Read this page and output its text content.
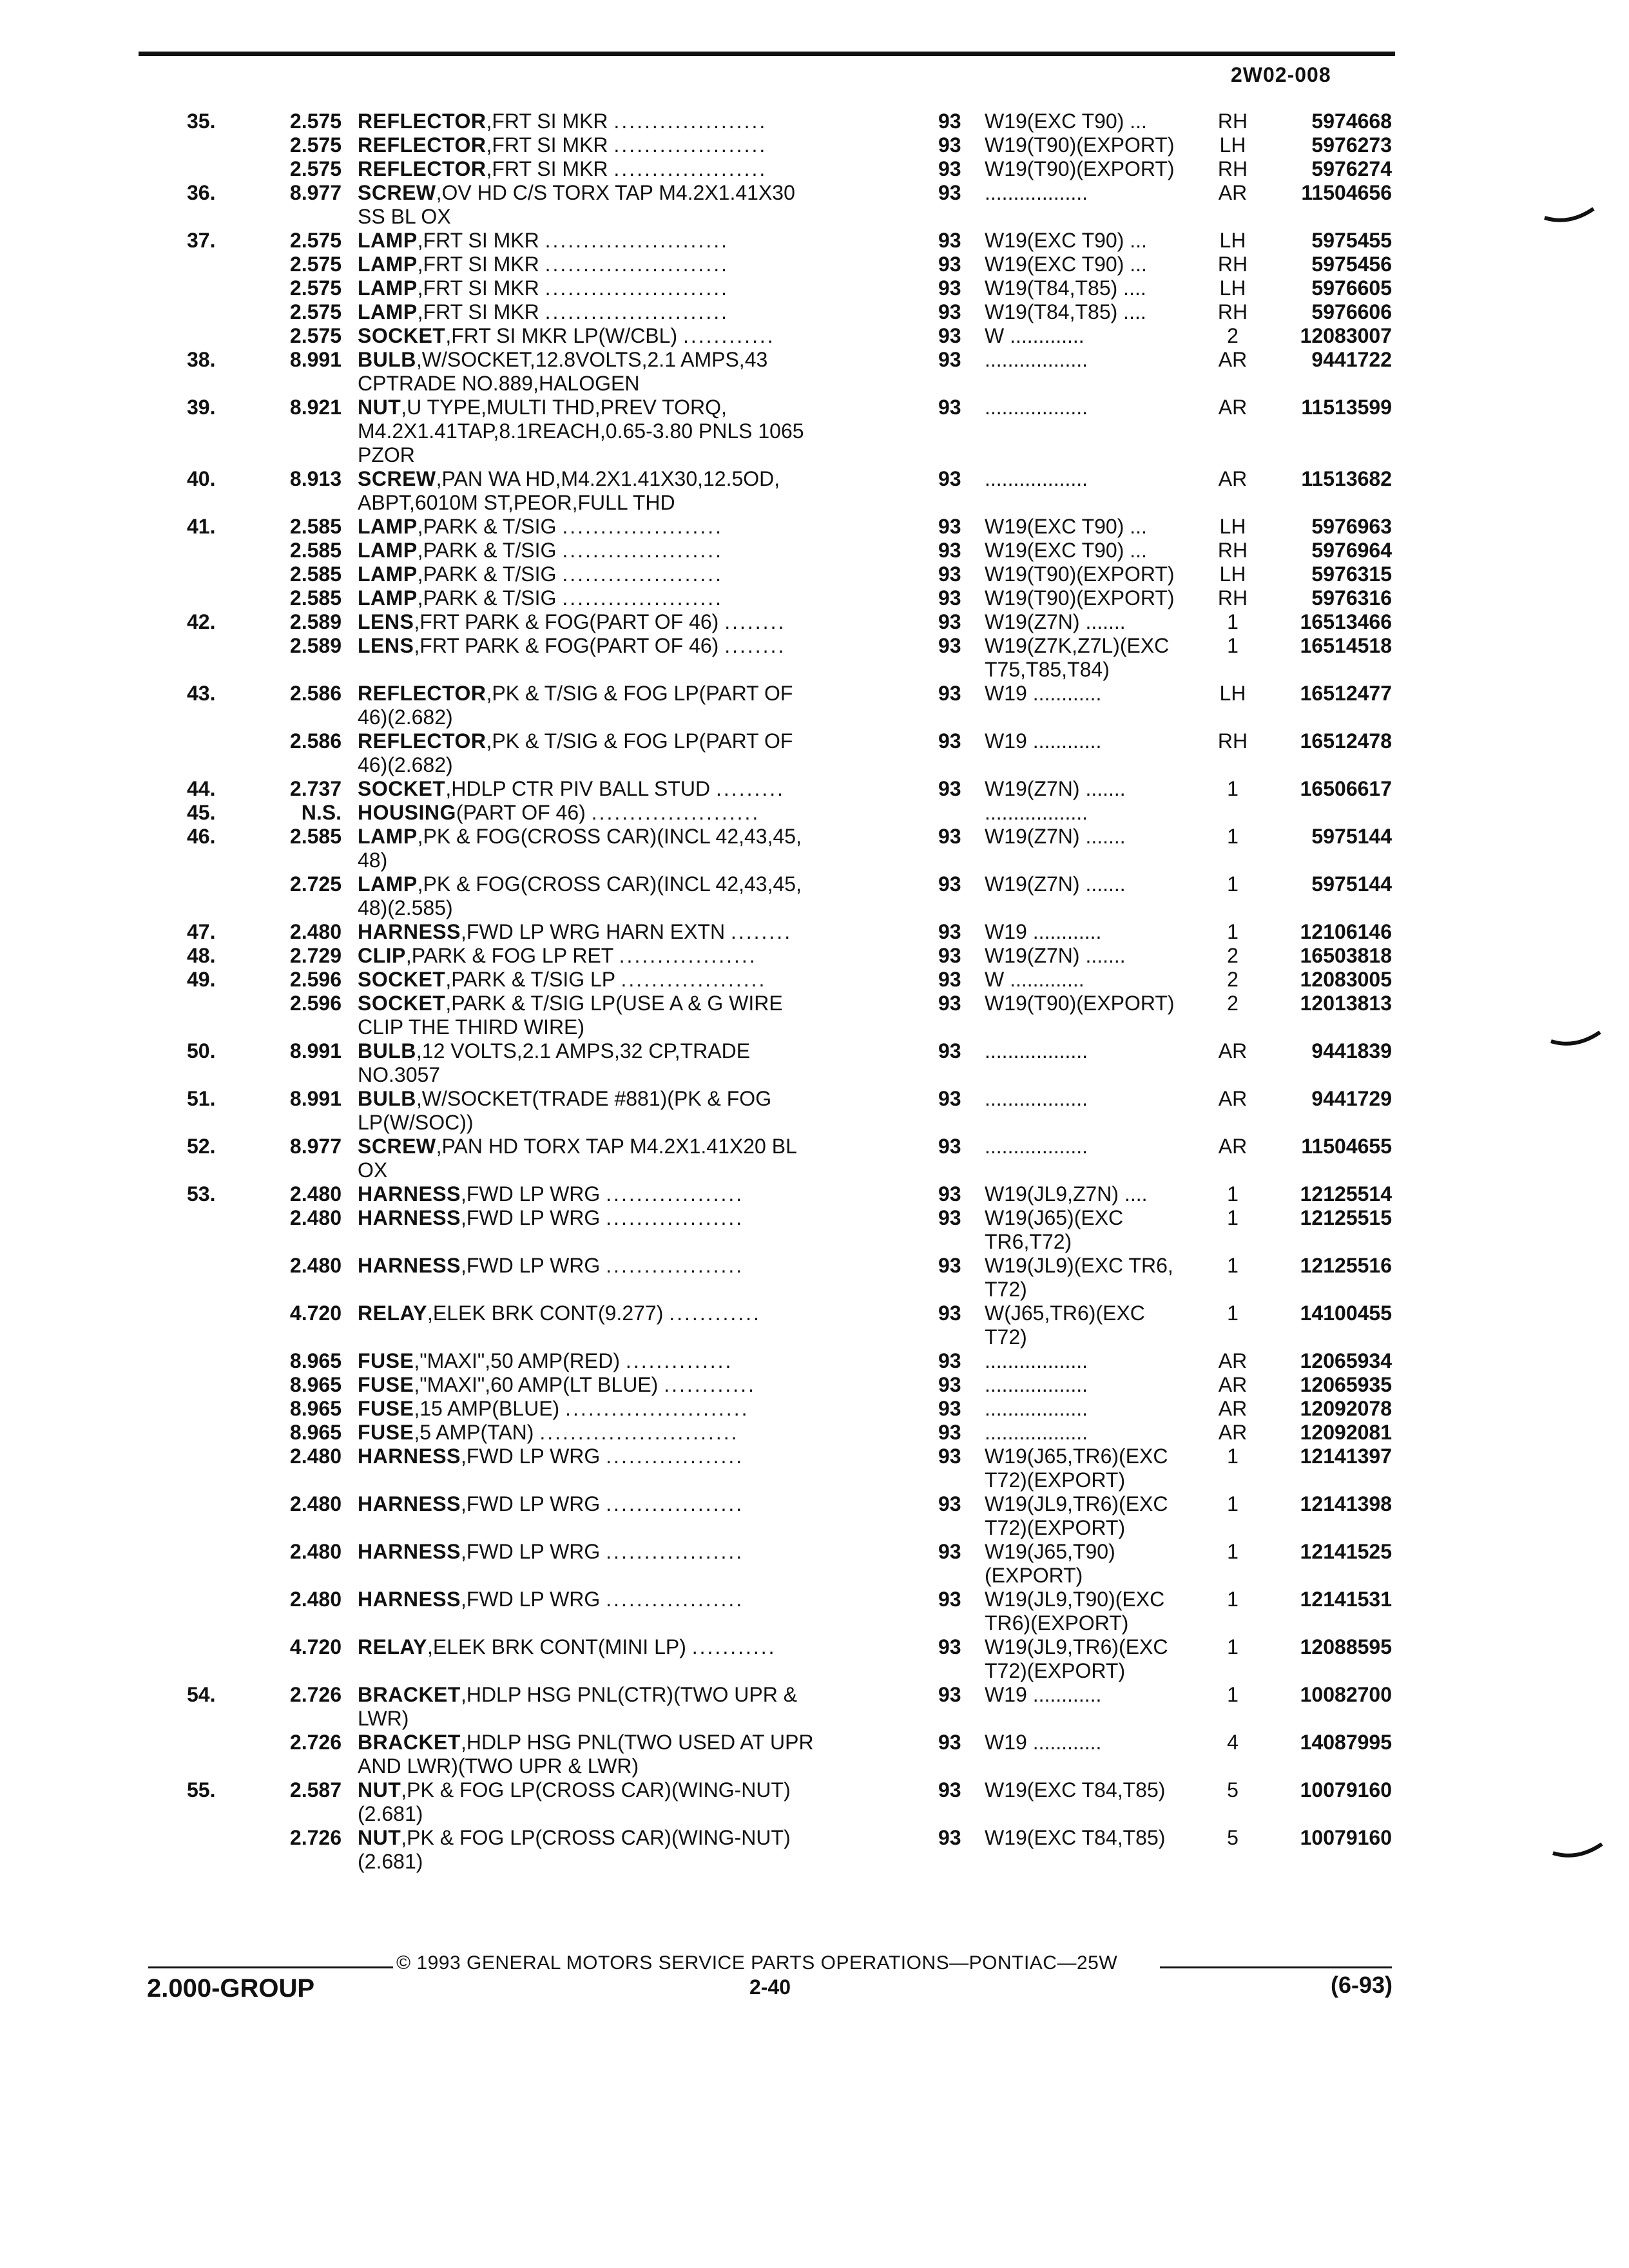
2W02-008
35.	2.575 REFLECTOR,FRT SI MKR ....................	93 W19(EXC T90) ...	RH	5974668
2.575 REFLECTOR,FRT SI MKR ....................	93 W19(T90)(EXPORT)	LH	5976273
2.575 REFLECTOR,FRT SI MKR ....................	93 W19(T90)(EXPORT)	RH	5976274
36.	8.977 SCREW,OV HD C/S TORX TAP M4.2X1.41X30	93 ..................	AR	11504656
SS BL OX
37.	2.575 LAMP,FRT SI MKR ........................	93 W19(EXC T90) ...	LH	5975455
2.575 LAMP,FRT SI MKR ........................	93 W19(EXC T90) ...	RH	5975456
2.575 LAMP,FRT SI MKR ........................	93 W19(T84,T85) ....	LH	5976605
2.575 LAMP,FRT SI MKR ........................	93 W19(T84,T85) ....	RH	5976606
2.575 SOCKET,FRT SI MKR LP(W/CBL) ............	93 W .............	2	12083007
38.	8.991 BULB,W/SOCKET,12.8VOLTS,2.1 AMPS,43	93 ..................	AR	9441722
CPTRADE NO.889,HALOGEN
39.	8.921 NUT,U TYPE,MULTI THD,PREV TORQ,	93 ..................	AR	11513599
M4.2X1.41TAP,8.1REACH,0.65-3.80 PNLS 1065
PZOR
40.	8.913 SCREW,PAN WA HD,M4.2X1.41X30,12.5OD,	93 ..................	AR	11513682
ABPT,6010M ST,PEOR,FULL THD
41.	2.585 LAMP,PARK & T/SIG .....................	93 W19(EXC T90) ...	LH	5976963
2.585 LAMP,PARK & T/SIG .....................	93 W19(EXC T90) ...	RH	5976964
2.585 LAMP,PARK & T/SIG .....................	93 W19(T90)(EXPORT)	LH	5976315
2.585 LAMP,PARK & T/SIG .....................	93 W19(T90)(EXPORT)	RH	5976316
42.	2.589 LENS,FRT PARK & FOG(PART OF 46) ........	93 W19(Z7N) .......	1	16513466
2.589 LENS,FRT PARK & FOG(PART OF 46) ........	93 W19(Z7K,Z7L)(EXC	1	16514518
T75,T85,T84)
43.	2.586 REFLECTOR,PK & T/SIG & FOG LP(PART OF	93 W19 ............	LH	16512477
46)(2.682)
2.586 REFLECTOR,PK & T/SIG & FOG LP(PART OF	93 W19 ............	RH	16512478
46)(2.682)
44.	2.737 SOCKET,HDLP CTR PIV BALL STUD .........	93 W19(Z7N) .......	1	16506617
45.	N.S. HOUSING(PART OF 46) ......................	..................
46.	2.585 LAMP,PK & FOG(CROSS CAR)(INCL 42,43,45,	93 W19(Z7N) .......	1	5975144
48)
2.725 LAMP,PK & FOG(CROSS CAR)(INCL 42,43,45,	93 W19(Z7N) .......	1	5975144
48)(2.585)
47.	2.480 HARNESS,FWD LP WRG HARN EXTN ........	93 W19 ............	1	12106146
48.	2.729 CLIP,PARK & FOG LP RET ..................	93 W19(Z7N) .......	2	16503818
49.	2.596 SOCKET,PARK & T/SIG LP ...................	93 W .............	2	12083005
2.596 SOCKET,PARK & T/SIG LP(USE A & G WIRE	93 W19(T90)(EXPORT)	2	12013813
CLIP THE THIRD WIRE)
50.	8.991 BULB,12 VOLTS,2.1 AMPS,32 CP,TRADE	93 ..................	AR	9441839
NO.3057
51.	8.991 BULB,W/SOCKET(TRADE #881)(PK & FOG	93 ..................	AR	9441729
LP(W/SOC))
52.	8.977 SCREW,PAN HD TORX TAP M4.2X1.41X20 BL	93 ..................	AR	11504655
OX
53.	2.480 HARNESS,FWD LP WRG ..................	93 W19(JL9,Z7N) ....	1	12125514
2.480 HARNESS,FWD LP WRG ..................	93 W19(J65)(EXC	1	12125515
TR6,T72)
2.480 HARNESS,FWD LP WRG ..................	93 W19(JL9)(EXC TR6,	1	12125516
T72)
4.720 RELAY,ELEK BRK CONT(9.277) ............	93 W(J65,TR6)(EXC	1	14100455
T72)
8.965 FUSE,"MAXI",50 AMP(RED) ..............	93 ..................	AR	12065934
8.965 FUSE,"MAXI",60 AMP(LT BLUE) ............	93 ..................	AR	12065935
8.965 FUSE,15 AMP(BLUE) ........................	93 ..................	AR	12092078
8.965 FUSE,5 AMP(TAN) ..........................	93 ..................	AR	12092081
2.480 HARNESS,FWD LP WRG ..................	93 W19(J65,TR6)(EXC	1	12141397
T72)(EXPORT)
2.480 HARNESS,FWD LP WRG ..................	93 W19(JL9,TR6)(EXC	1	12141398
T72)(EXPORT)
2.480 HARNESS,FWD LP WRG ..................	93 W19(J65,T90)	1	12141525
(EXPORT)
2.480 HARNESS,FWD LP WRG ..................	93 W19(JL9,T90)(EXC	1	12141531
TR6)(EXPORT)
4.720 RELAY,ELEK BRK CONT(MINI LP) ...........	93 W19(JL9,TR6)(EXC	1	12088595
T72)(EXPORT)
54.	2.726 BRACKET,HDLP HSG PNL(CTR)(TWO UPR &	93 W19 ............	1	10082700
LWR)
2.726 BRACKET,HDLP HSG PNL(TWO USED AT UPR	93 W19 ............	4	14087995
AND LWR)(TWO UPR & LWR)
55.	2.587 NUT,PK & FOG LP(CROSS CAR)(WING-NUT)	93 W19(EXC T84,T85)	5	10079160
(2.681)
2.726 NUT,PK & FOG LP(CROSS CAR)(WING-NUT)	93 W19(EXC T84,T85)	5	10079160
(2.681)
© 1993 GENERAL MOTORS SERVICE PARTS OPERATIONS—PONTIAC—25W
2.000-GROUP	2-40	(6-93)
